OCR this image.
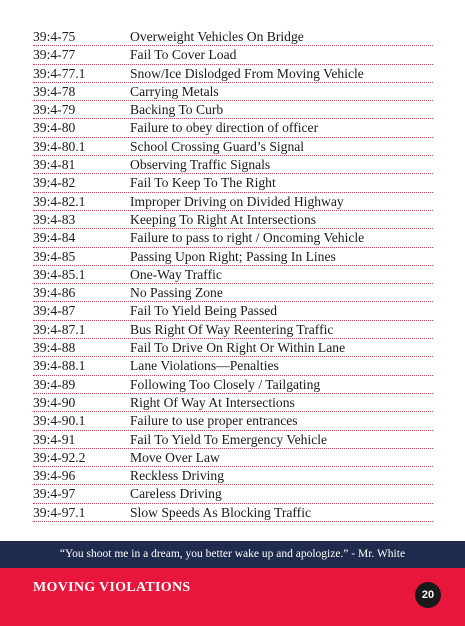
39:4-75	Overweight Vehicles On Bridge
39:4-77	Fail To Cover Load
39:4-77.1	Snow/Ice Dislodged From Moving Vehicle
39:4-78	Carrying Metals
39:4-79	Backing To Curb
39:4-80	Failure to obey direction of officer
39:4-80.1	School Crossing Guard’s Signal
39:4-81	Observing Traffic Signals
39:4-82	Fail To Keep To The Right
39:4-82.1	Improper Driving on Divided Highway
39:4-83	Keeping To Right At Intersections
39:4-84	Failure to pass to right / Oncoming Vehicle
39:4-85	Passing Upon Right; Passing In Lines
39:4-85.1	One-Way Traffic
39:4-86	No Passing Zone
39:4-87	Fail To Yield Being Passed
39:4-87.1	Bus Right Of Way Reentering Traffic
39:4-88	Fail To Drive On Right Or Within Lane
39:4-88.1	Lane Violations—Penalties
39:4-89	Following Too Closely / Tailgating
39:4-90	Right Of Way At Intersections
39:4-90.1	Failure to use proper entrances
39:4-91	Fail To Yield To Emergency Vehicle
39:4-92.2	Move Over Law
39:4-96	Reckless Driving
39:4-97	Careless Driving
39:4-97.1	Slow Speeds As Blocking Traffic
“You shoot me in a dream, you better wake up and apologize.” - Mr. White
MOVING VIOLATIONS	20
